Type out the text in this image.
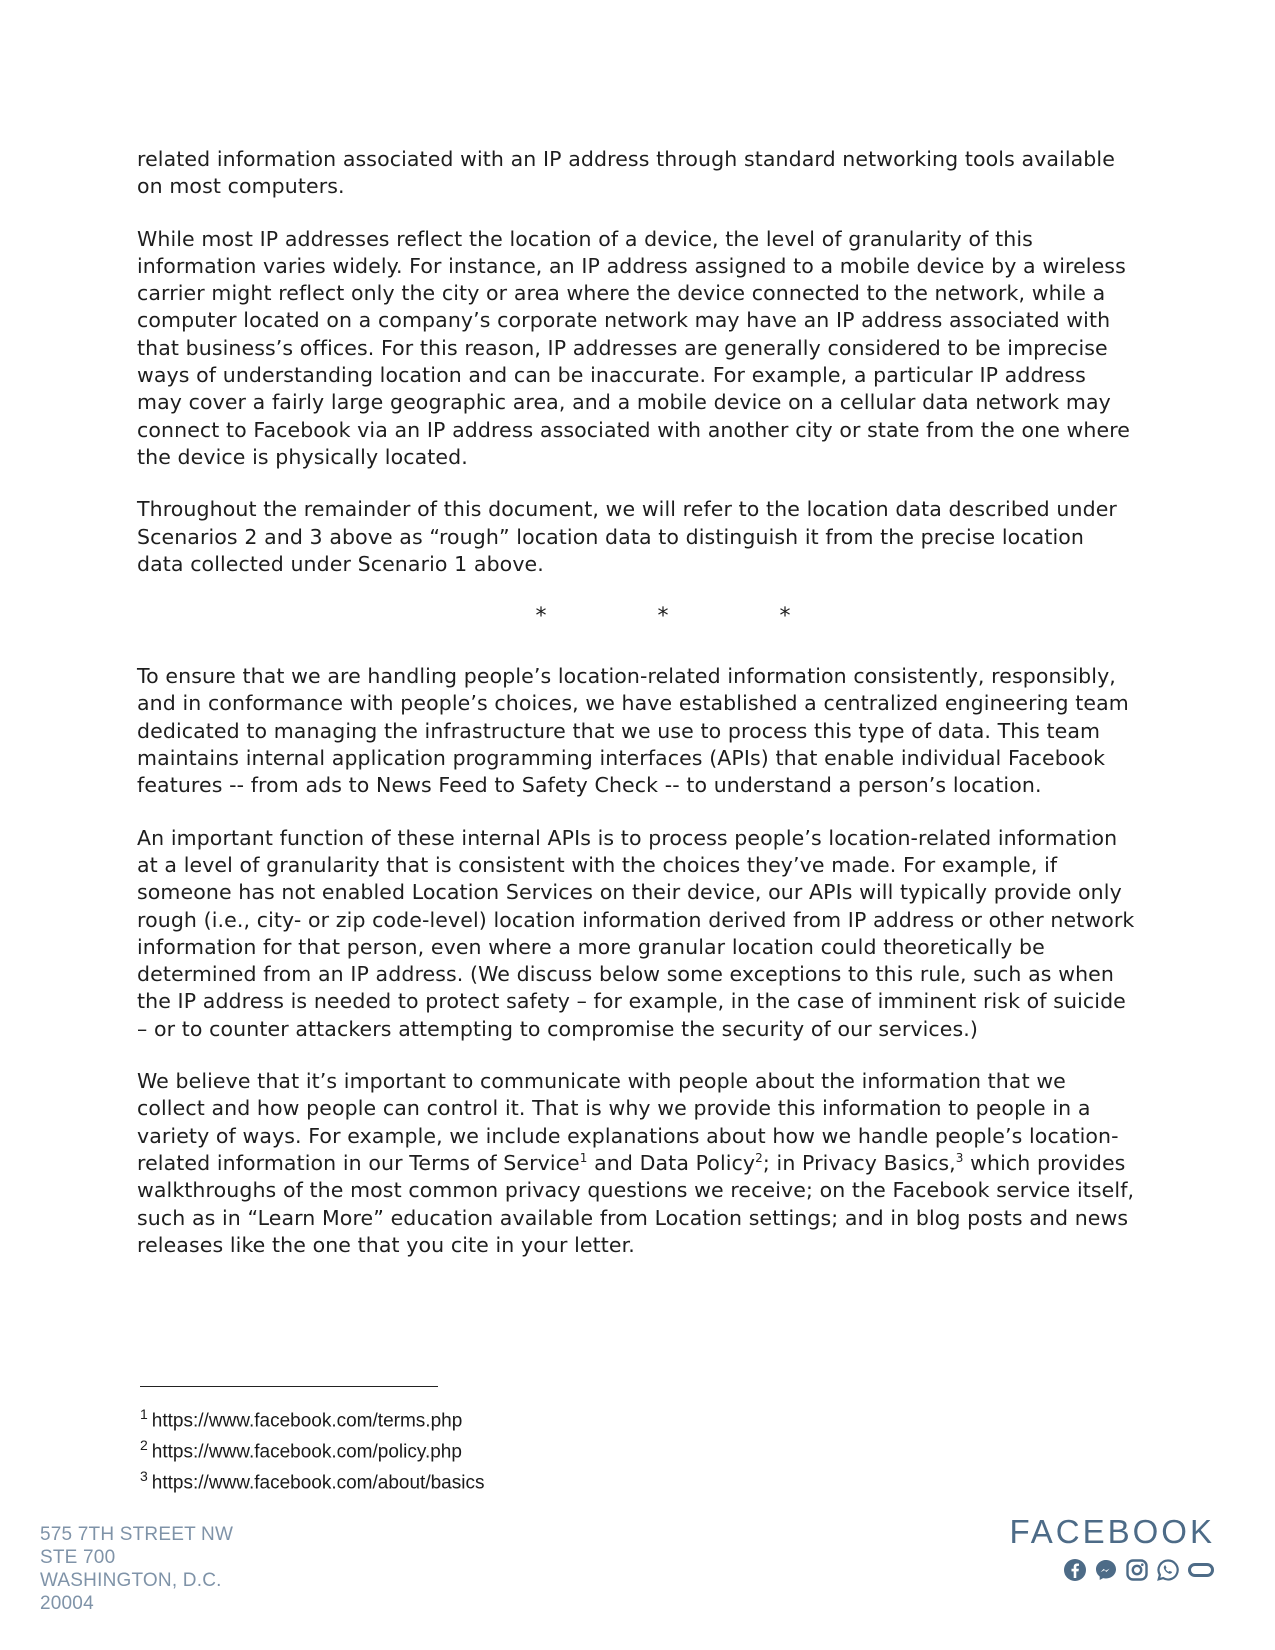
related information associated with an IP address through standard networking tools available on most computers.

While most IP addresses reflect the location of a device, the level of granularity of this information varies widely. For instance, an IP address assigned to a mobile device by a wireless carrier might reflect only the city or area where the device connected to the network, while a computer located on a company’s corporate network may have an IP address associated with that business’s offices. For this reason, IP addresses are generally considered to be imprecise ways of understanding location and can be inaccurate. For example, a particular IP address may cover a fairly large geographic area, and a mobile device on a cellular data network may connect to Facebook via an IP address associated with another city or state from the one where the device is physically located.

Throughout the remainder of this document, we will refer to the location data described under Scenarios 2 and 3 above as “rough” location data to distinguish it from the precise location data collected under Scenario 1 above.

* * *

To ensure that we are handling people’s location-related information consistently, responsibly, and in conformance with people’s choices, we have established a centralized engineering team dedicated to managing the infrastructure that we use to process this type of data. This team maintains internal application programming interfaces (APIs) that enable individual Facebook features -- from ads to News Feed to Safety Check -- to understand a person’s location.

An important function of these internal APIs is to process people’s location-related information at a level of granularity that is consistent with the choices they’ve made. For example, if someone has not enabled Location Services on their device, our APIs will typically provide only rough (i.e., city- or zip code-level) location information derived from IP address or other network information for that person, even where a more granular location could theoretically be determined from an IP address. (We discuss below some exceptions to this rule, such as when the IP address is needed to protect safety – for example, in the case of imminent risk of suicide – or to counter attackers attempting to compromise the security of our services.)

We believe that it’s important to communicate with people about the information that we collect and how people can control it. That is why we provide this information to people in a variety of ways. For example, we include explanations about how we handle people’s location-related information in our Terms of Service$^1$ and Data Policy$^2$; in Privacy Basics,$^3$ which provides walkthroughs of the most common privacy questions we receive; on the Facebook service itself, such as in “Learn More” education available from Location settings; and in blog posts and news releases like the one that you cite in your letter.

$^1$ https://www.facebook.com/terms.php
$^2$ https://www.facebook.com/policy.php
$^3$ https://www.facebook.com/about/basics
575 7TH STREET NW
STE 700
WASHINGTON, D.C.
20004
FACEBOOK
